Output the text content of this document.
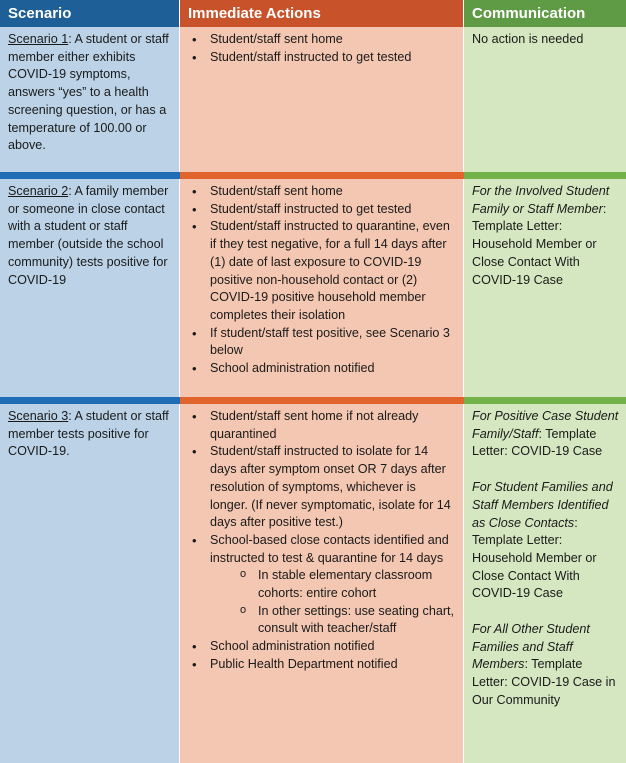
Scenario	Immediate Actions	Communication
Scenario 1: A student or staff member either exhibits COVID-19 symptoms, answers “yes” to a health screening question, or has a temperature of 100.00 or above.
• Student/staff sent home
• Student/staff instructed to get tested
No action is needed
Scenario 2: A family member or someone in close contact with a student or staff member (outside the school community) tests positive for COVID-19
• Student/staff sent home
• Student/staff instructed to get tested
• Student/staff instructed to quarantine, even if they test negative, for a full 14 days after (1) date of last exposure to COVID-19 positive non-household contact or (2) COVID-19 positive household member completes their isolation
• If student/staff test positive, see Scenario 3 below
• School administration notified
For the Involved Student Family or Staff Member: Template Letter: Household Member or Close Contact With COVID-19 Case
Scenario 3: A student or staff member tests positive for COVID-19.
• Student/staff sent home if not already quarantined
• Student/staff instructed to isolate for 14 days after symptom onset OR 7 days after resolution of symptoms, whichever is longer. (If never symptomatic, isolate for 14 days after positive test.)
• School-based close contacts identified and instructed to test & quarantine for 14 days
o In stable elementary classroom cohorts: entire cohort
o In other settings: use seating chart, consult with teacher/staff
• School administration notified
• Public Health Department notified
For Positive Case Student Family/Staff: Template Letter: COVID-19 Case
For Student Families and Staff Members Identified as Close Contacts: Template Letter: Household Member or Close Contact With COVID-19 Case
For All Other Student Families and Staff Members: Template Letter: COVID-19 Case in Our Community
